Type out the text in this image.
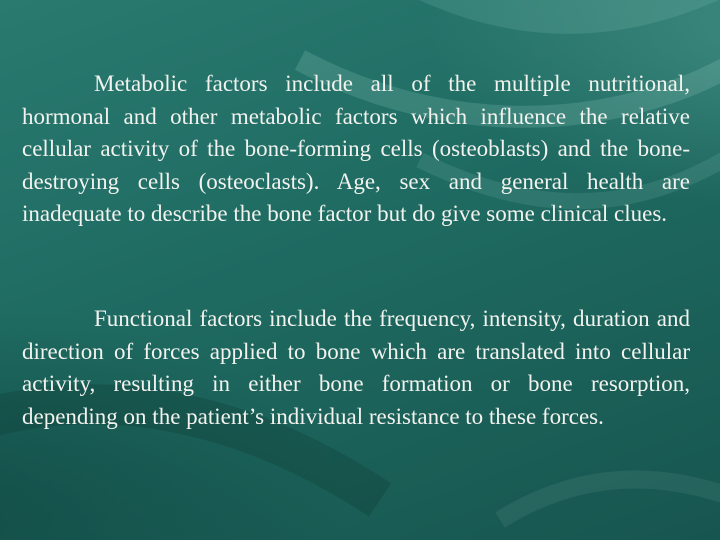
Metabolic factors include all of the multiple nutritional, hormonal and other metabolic factors which influence the relative cellular activity of the bone-forming cells (osteoblasts) and the bone-destroying cells (osteoclasts). Age, sex and general health are inadequate to describe the bone factor but do give some clinical clues.

Functional factors include the frequency, intensity, duration and direction of forces applied to bone which are translated into cellular activity, resulting in either bone formation or bone resorption, depending on the patient’s individual resistance to these forces.
